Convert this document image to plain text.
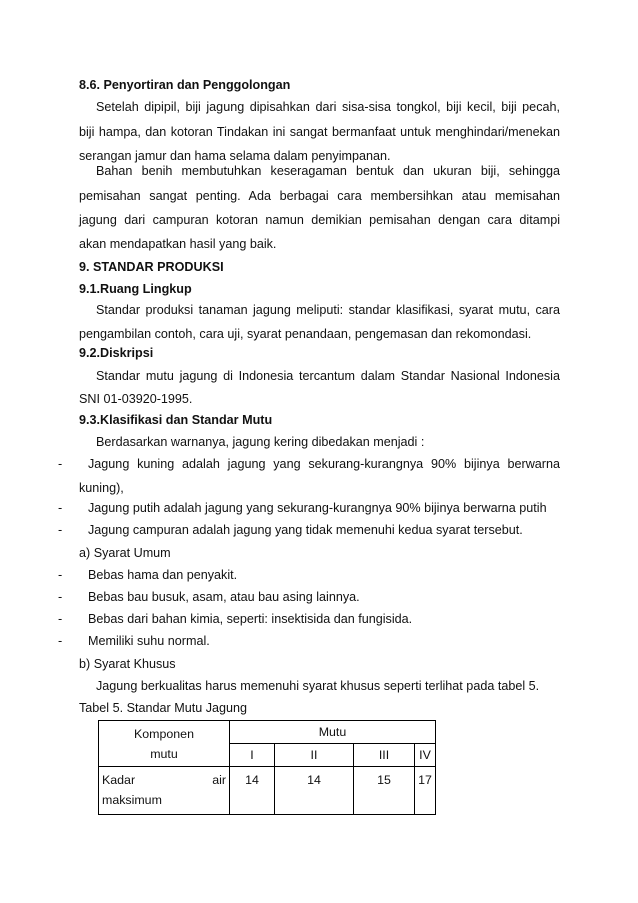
8.6. Penyortiran dan Penggolongan
Setelah dipipil, biji jagung dipisahkan dari sisa-sisa tongkol, biji kecil, biji pecah,
biji hampa, dan kotoran Tindakan ini sangat bermanfaat untuk menghindari/menekan
serangan jamur dan hama selama dalam penyimpanan.
Bahan benih membutuhkan keseragaman bentuk dan ukuran biji, sehingga
pemisahan sangat penting. Ada berbagai cara membersihkan atau memisahan
jagung dari campuran kotoran namun demikian pemisahan dengan cara ditampi
akan mendapatkan hasil yang baik.
9. STANDAR PRODUKSI
9.1.Ruang Lingkup
Standar produksi tanaman jagung meliputi: standar klasifikasi, syarat mutu, cara
pengambilan contoh, cara uji, syarat penandaan, pengemasan dan rekomondasi.
9.2.Diskripsi
Standar mutu jagung di Indonesia tercantum dalam Standar Nasional Indonesia
SNI 01-03920-1995.
9.3.Klasifikasi dan Standar Mutu
Berdasarkan warnanya, jagung kering dibedakan menjadi :
- Jagung kuning adalah jagung yang sekurang-kurangnya 90% bijinya berwarna
kuning),
- Jagung putih adalah jagung yang sekurang-kurangnya 90% bijinya berwarna putih
- Jagung campuran adalah jagung yang tidak memenuhi kedua syarat tersebut.
a) Syarat Umum
- Bebas hama dan penyakit.
- Bebas bau busuk, asam, atau bau asing lainnya.
- Bebas dari bahan kimia, seperti: insektisida dan fungisida.
- Memiliki suhu normal.
b) Syarat Khusus
Jagung berkualitas harus memenuhi syarat khusus seperti terlihat pada tabel 5.
Tabel 5. Standar Mutu Jagung
Komponen
mutu	Mutu			
	I	II	III	IV

Kadar air
maksimum	14	14	15	17
